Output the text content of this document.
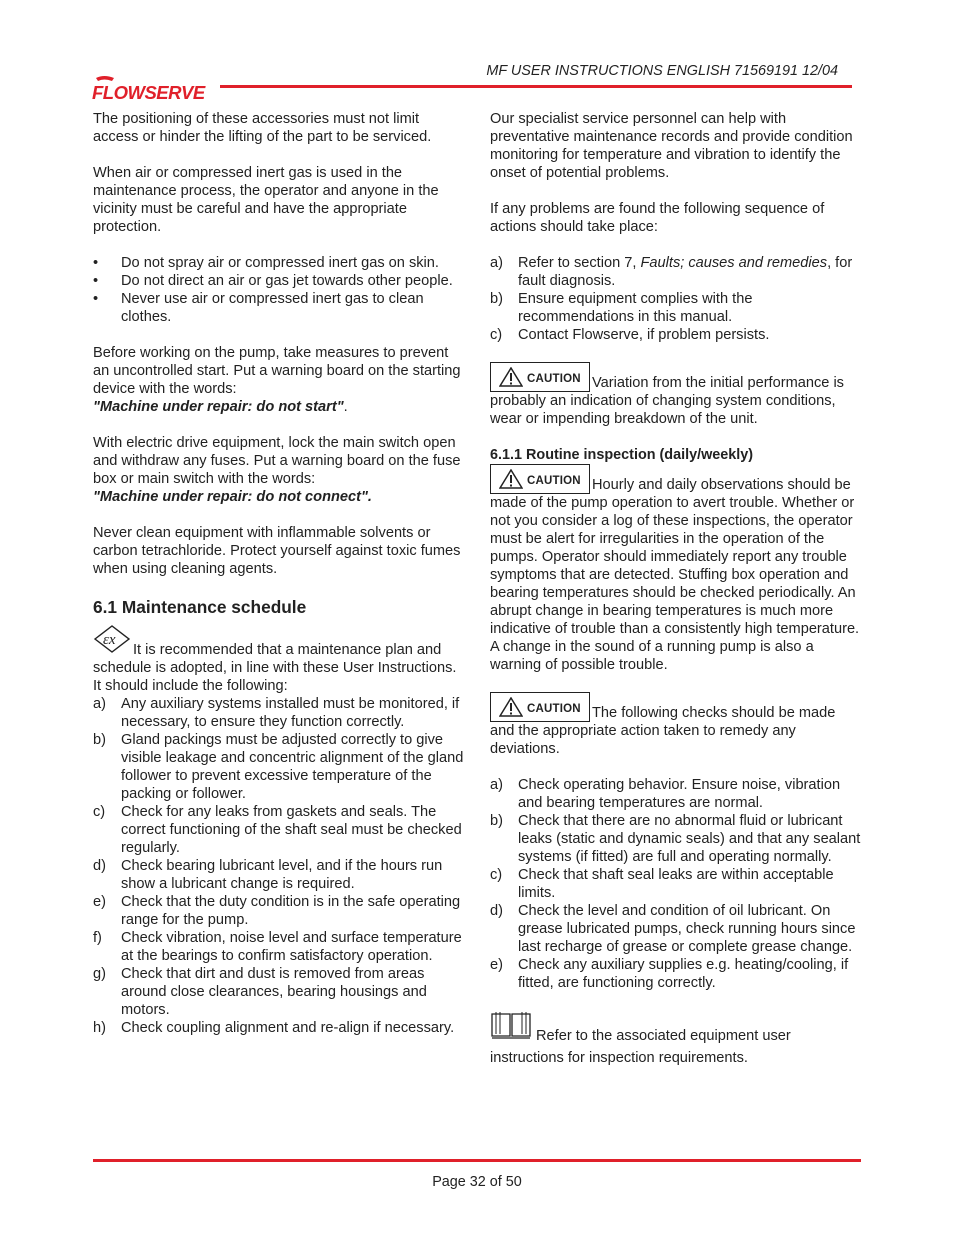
MF USER INSTRUCTIONS ENGLISH 71569191 12/04
FLOWSERVE

The positioning of these accessories must not limit access or hinder the lifting of the part to be serviced.

When air or compressed inert gas is used in the maintenance process, the operator and anyone in the vicinity must be careful and have the appropriate protection.

• Do not spray air or compressed inert gas on skin.
• Do not direct an air or gas jet towards other people.
• Never use air or compressed inert gas to clean clothes.

Before working on the pump, take measures to prevent an uncontrolled start. Put a warning board on the starting device with the words:
"Machine under repair: do not start".

With electric drive equipment, lock the main switch open and withdraw any fuses. Put a warning board on the fuse box or main switch with the words:
"Machine under repair: do not connect".

Never clean equipment with inflammable solvents or carbon tetrachloride. Protect yourself against toxic fumes when using cleaning agents.

6.1 Maintenance schedule
εx
It is recommended that a maintenance plan and schedule is adopted, in line with these User Instructions. It should include the following:
a) Any auxiliary systems installed must be monitored, if necessary, to ensure they function correctly.
b) Gland packings must be adjusted correctly to give visible leakage and concentric alignment of the gland follower to prevent excessive temperature of the packing or follower.
c) Check for any leaks from gaskets and seals. The correct functioning of the shaft seal must be checked regularly.
d) Check bearing lubricant level, and if the hours run show a lubricant change is required.
e) Check that the duty condition is in the safe operating range for the pump.
f) Check vibration, noise level and surface temperature at the bearings to confirm satisfactory operation.
g) Check that dirt and dust is removed from areas around close clearances, bearing housings and motors.
h) Check coupling alignment and re-align if necessary.

Our specialist service personnel can help with preventative maintenance records and provide condition monitoring for temperature and vibration to identify the onset of potential problems.

If any problems are found the following sequence of actions should take place:

a) Refer to section 7, Faults; causes and remedies, for fault diagnosis.
b) Ensure equipment complies with the recommendations in this manual.
c) Contact Flowserve, if problem persists.

CAUTION Variation from the initial performance is probably an indication of changing system conditions, wear or impending breakdown of the unit.

6.1.1 Routine inspection (daily/weekly)

CAUTION Hourly and daily observations should be made of the pump operation to avert trouble. Whether or not you consider a log of these inspections, the operator must be alert for irregularities in the operation of the pumps. Operator should immediately report any trouble symptoms that are detected. Stuffing box operation and bearing temperatures should be checked periodically. An abrupt change in bearing temperatures is much more indicative of trouble than a consistently high temperature. A change in the sound of a running pump is also a warning of possible trouble.

CAUTION The following checks should be made and the appropriate action taken to remedy any deviations.

a) Check operating behavior. Ensure noise, vibration and bearing temperatures are normal.
b) Check that there are no abnormal fluid or lubricant leaks (static and dynamic seals) and that any sealant systems (if fitted) are full and operating normally.
c) Check that shaft seal leaks are within acceptable limits.
d) Check the level and condition of oil lubricant. On grease lubricated pumps, check running hours since last recharge of grease or complete grease change.
e) Check any auxiliary supplies e.g. heating/cooling, if fitted, are functioning correctly.
Refer to the associated equipment user instructions for inspection requirements.
Page 32 of 50
